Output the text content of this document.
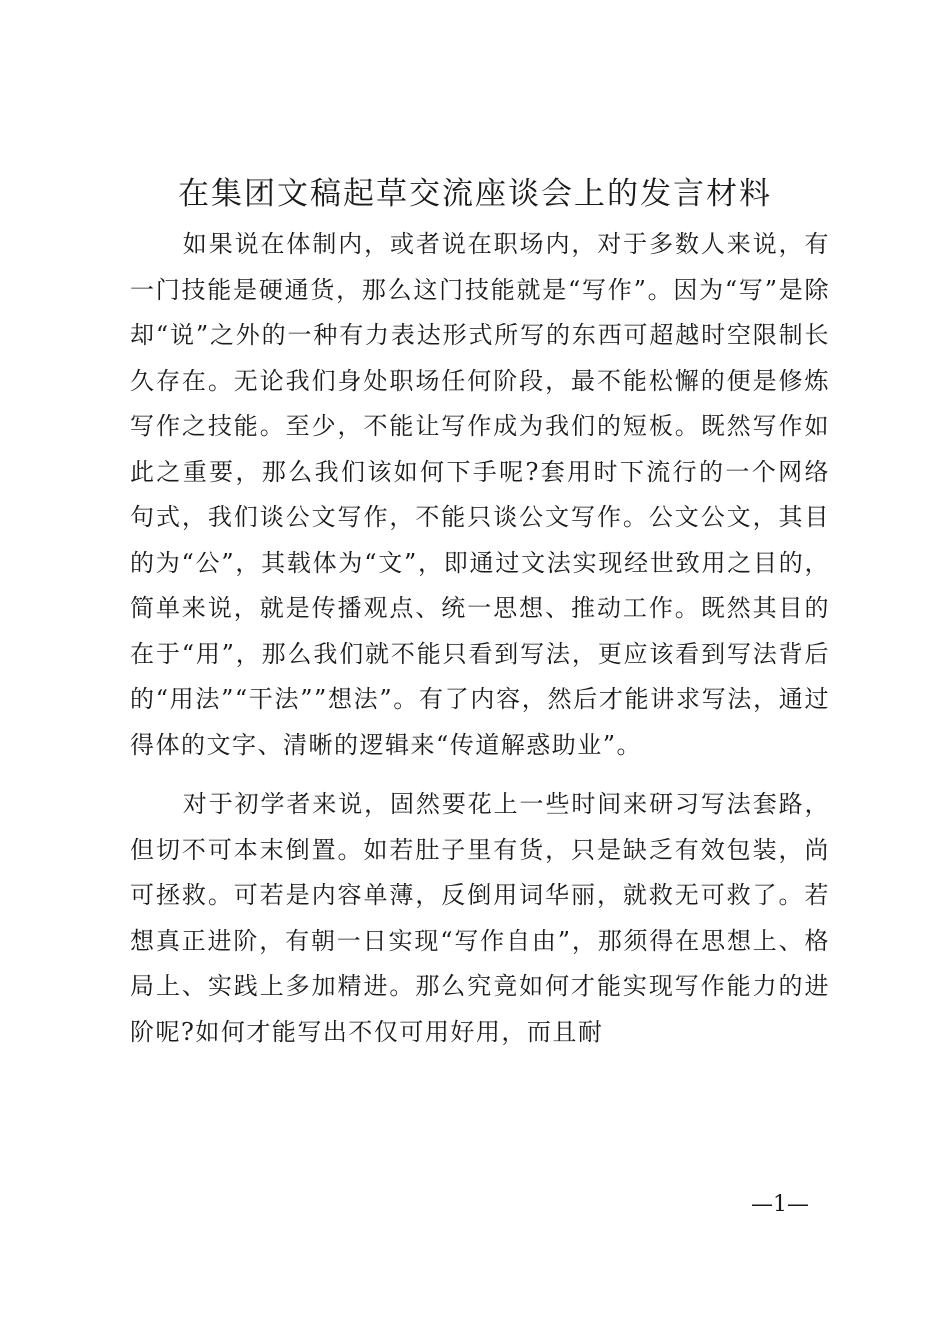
在集团文稿起草交流座谈会上的发言材料

如果说在体制内，或者说在职场内，对于多数人来说，有一门技能是硬通货，那么这门技能就是“写作”。因为“写”是除却“说”之外的一种有力表达形式所写的东西可超越时空限制长久存在。无论我们身处职场任何阶段，最不能松懈的便是修炼写作之技能。至少，不能让写作成为我们的短板。既然写作如此之重要，那么我们该如何下手呢?套用时下流行的一个网络句式，我们谈公文写作，不能只谈公文写作。公文公文，其目的为“公”，其载体为“文”，即通过文法实现经世致用之目的，简单来说，就是传播观点、统一思想、推动工作。既然其目的在于“用”，那么我们就不能只看到写法，更应该看到写法背后的“用法”“干法””想法”。有了内容，然后才能讲求写法，通过得体的文字、清晰的逻辑来“传道解惑助业”。

对于初学者来说，固然要花上一些时间来研习写法套路，但切不可本末倒置。如若肚子里有货，只是缺乏有效包装，尚可拯救。可若是内容单薄，反倒用词华丽，就救无可救了。若想真正进阶，有朝一日实现“写作自由”，那须得在思想上、格局上、实践上多加精进。那么究竟如何才能实现写作能力的进阶呢?如何才能写出不仅可用好用，而且耐

—1—
